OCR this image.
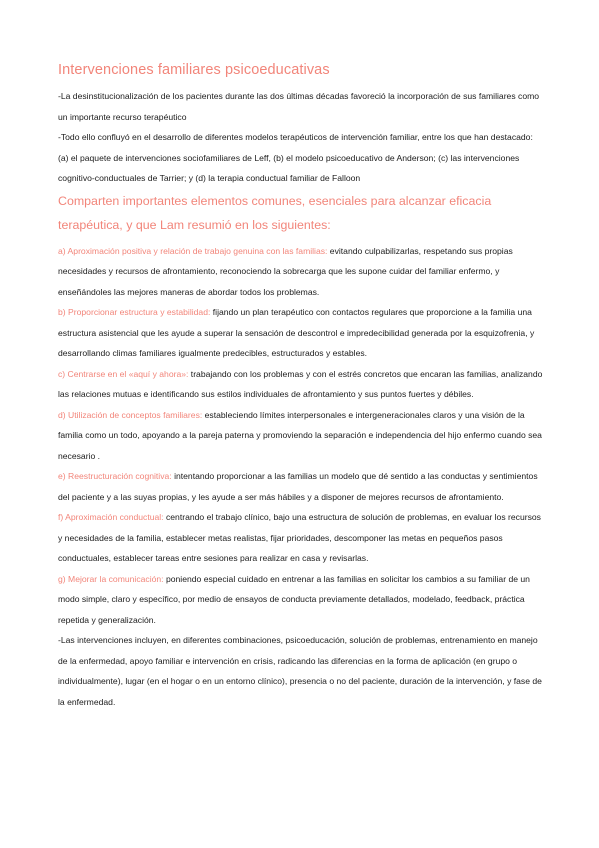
Intervenciones familiares psicoeducativas

-La desinstitucionalización de los pacientes durante las dos últimas décadas favoreció la incorporación de sus familiares como un importante recurso terapéutico

-Todo ello confluyó en el desarrollo de diferentes modelos terapéuticos de intervención familiar, entre los que han destacado: (a) el paquete de intervenciones sociofamiliares de Leff, (b) el modelo psicoeducativo de Anderson; (c) las intervenciones cognitivo-conductuales de Tarrier; y (d) la terapia conductual familiar de Falloon

Comparten importantes elementos comunes, esenciales para alcanzar eficacia terapéutica, y que Lam resumió en los siguientes:

a) Aproximación positiva y relación de trabajo genuina con las familias: evitando culpabilizarlas, respetando sus propias necesidades y recursos de afrontamiento, reconociendo la sobrecarga que les supone cuidar del familiar enfermo, y enseñándoles las mejores maneras de abordar todos los problemas.

b) Proporcionar estructura y estabilidad: fijando un plan terapéutico con contactos regulares que proporcione a la familia una estructura asistencial que les ayude a superar la sensación de descontrol e impredecibilidad generada por la esquizofrenia, y desarrollando climas familiares igualmente predecibles, estructurados y estables.

c) Centrarse en el «aquí y ahora»: trabajando con los problemas y con el estrés concretos que encaran las familias, analizando las relaciones mutuas e identificando sus estilos individuales de afrontamiento y sus puntos fuertes y débiles.

d) Utilización de conceptos familiares: estableciendo límites interpersonales e intergeneracionales claros y una visión de la familia como un todo, apoyando a la pareja paterna y promoviendo la separación e independencia del hijo enfermo cuando sea necesario .

e) Reestructuración cognitiva: intentando proporcionar a las familias un modelo que dé sentido a las conductas y sentimientos del paciente y a las suyas propias, y les ayude a ser más hábiles y a disponer de mejores recursos de afrontamiento.

f) Aproximación conductual: centrando el trabajo clínico, bajo una estructura de solución de problemas, en evaluar los recursos y necesidades de la familia, establecer metas realistas, fijar prioridades, descomponer las metas en pequeños pasos conductuales, establecer tareas entre sesiones para realizar en casa y revisarlas.

g) Mejorar la comunicación: poniendo especial cuidado en entrenar a las familias en solicitar los cambios a su familiar de un modo simple, claro y específico, por medio de ensayos de conducta previamente detallados, modelado, feedback, práctica repetida y generalización.

-Las intervenciones incluyen, en diferentes combinaciones, psicoeducación, solución de problemas, entrenamiento en manejo de la enfermedad, apoyo familiar e intervención en crisis, radicando las diferencias en la forma de aplicación (en grupo o individualmente), lugar (en el hogar o en un entorno clínico), presencia o no del paciente, duración de la intervención, y fase de la enfermedad.
